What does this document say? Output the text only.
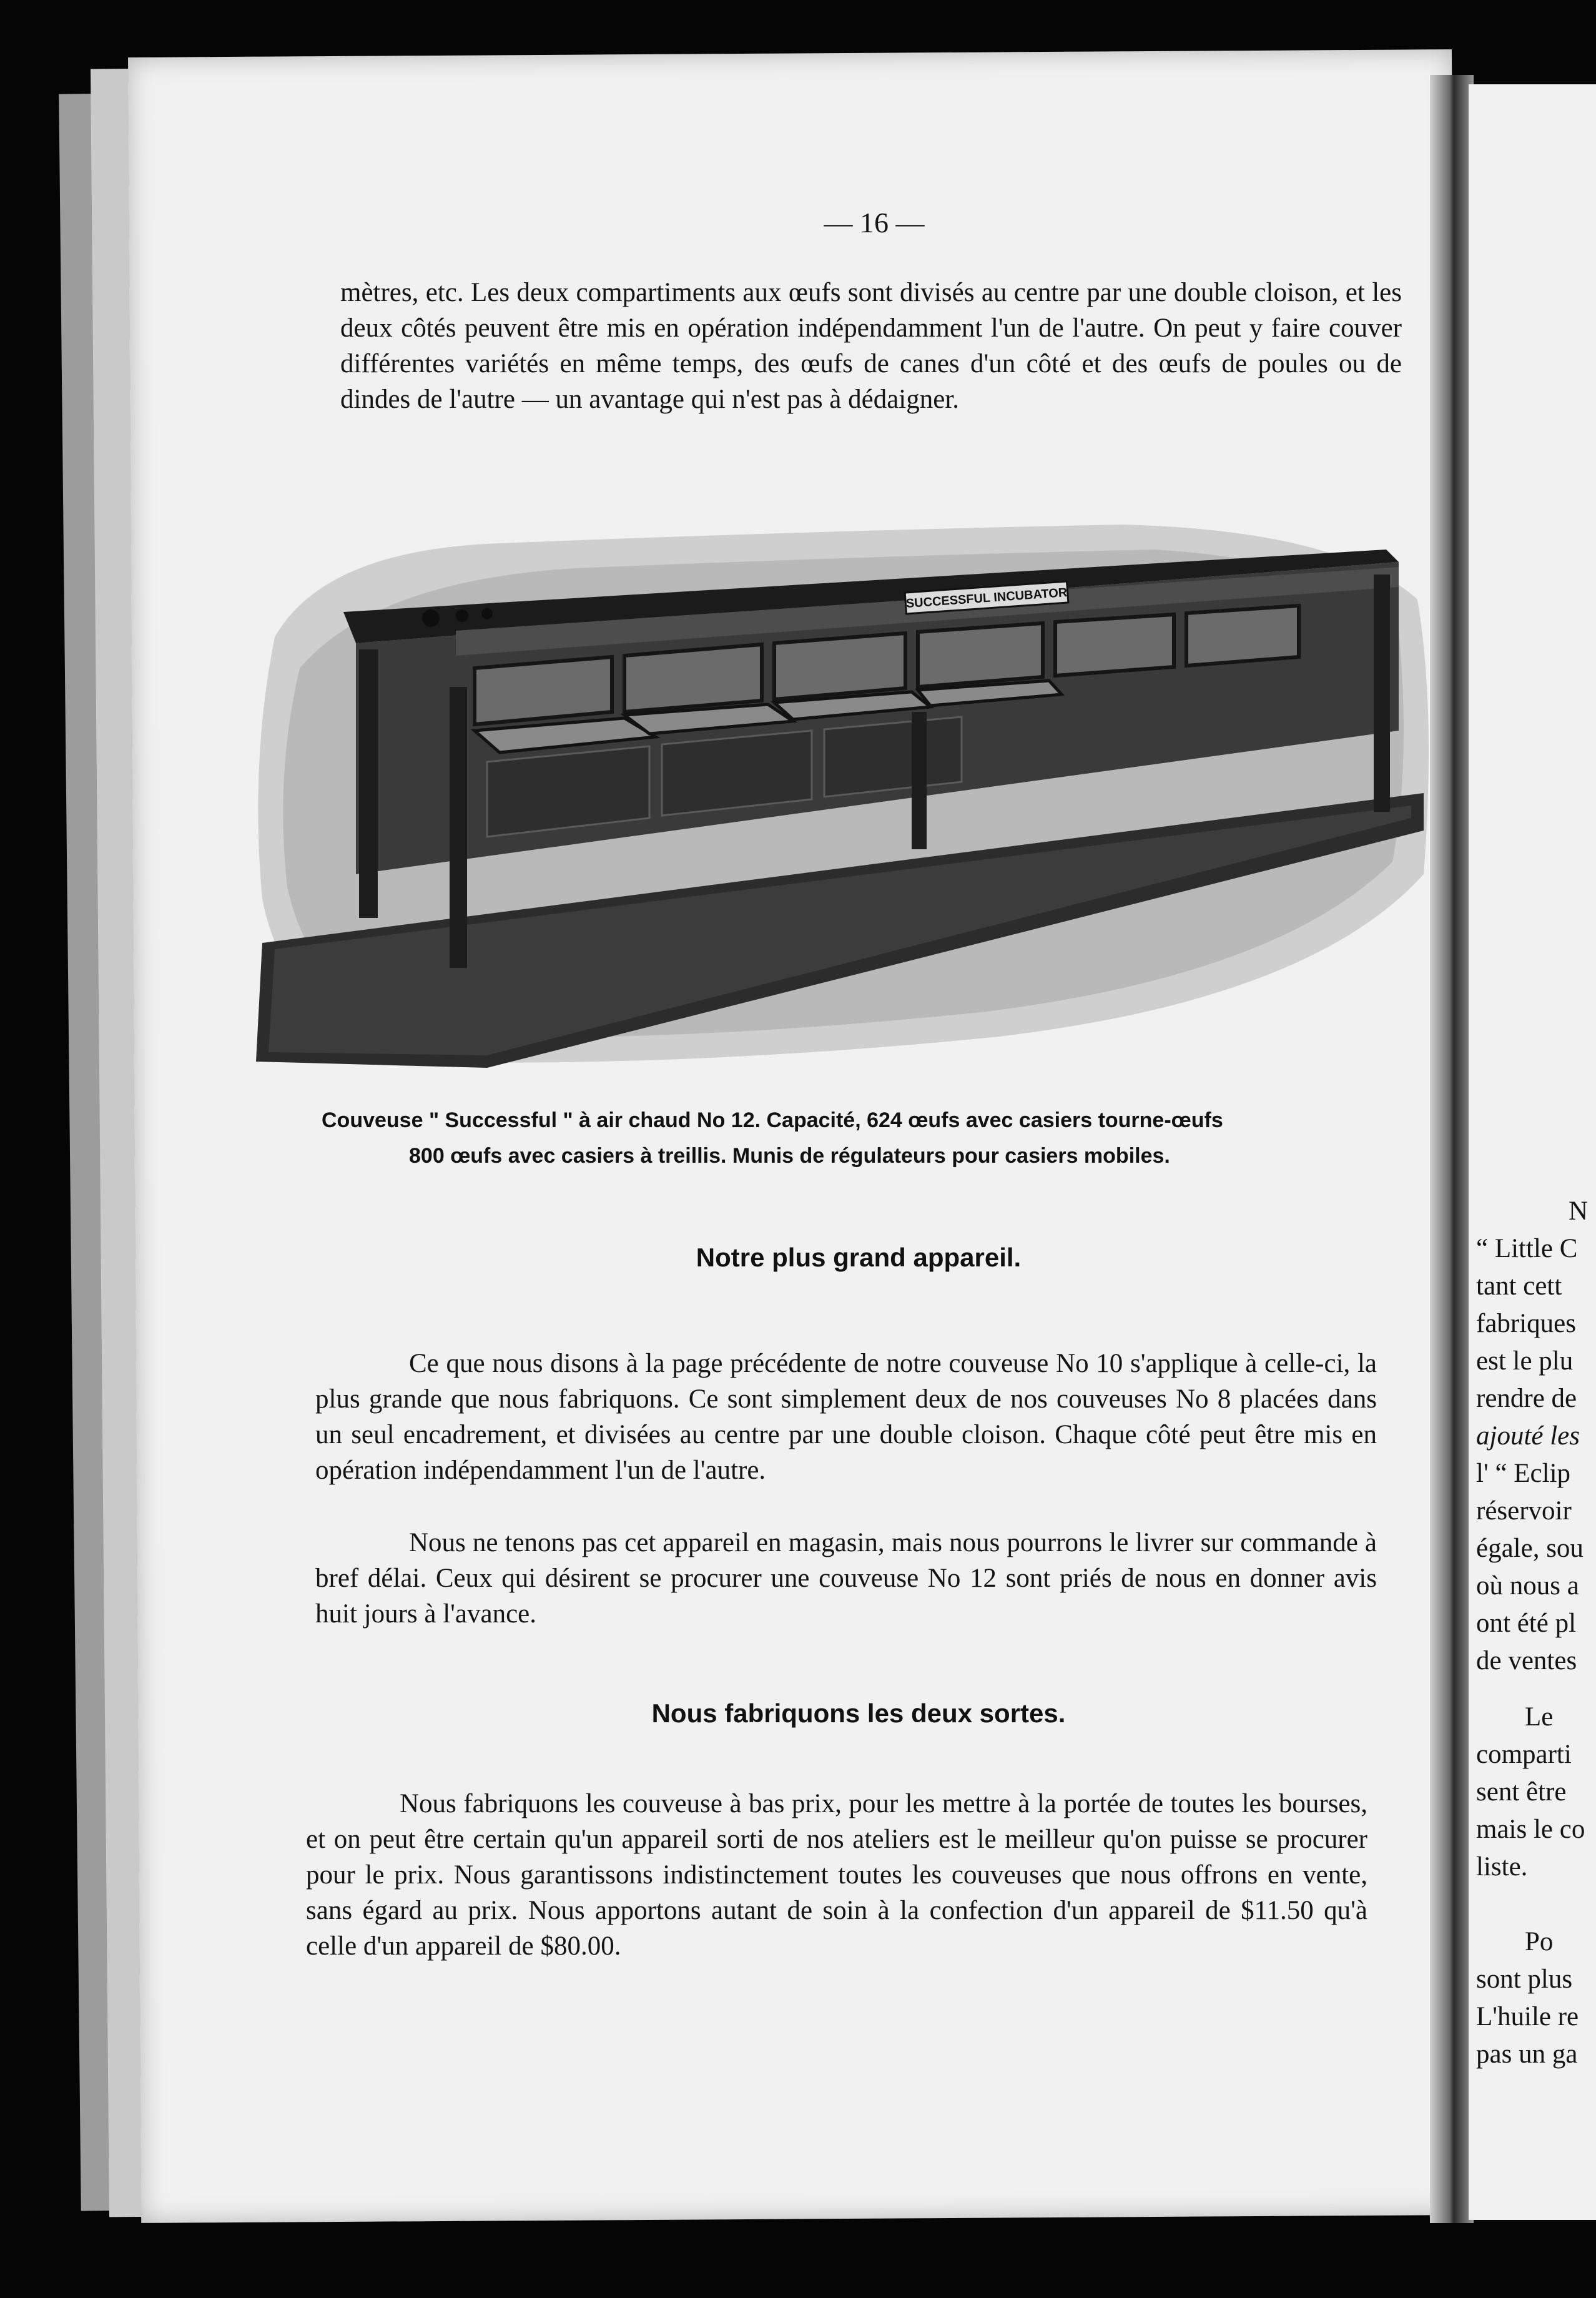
— 16 —

mètres, etc. Les deux compartiments aux œufs sont divisés au centre par une double cloison, et les deux côtés peuvent être mis en opération indépendamment l'un de l'autre. On peut y faire couver différentes variétés en même temps, des œufs de canes d'un côté et des œufs de poules ou de dindes de l'autre — un avantage qui n'est pas à dédaigner.

SUCCESSFUL INCUBATOR
Couveuse " Successful " à air chaud No 12. Capacité, 624 œufs avec casiers tourne-œufs
800 œufs avec casiers à treillis. Munis de régulateurs pour casiers mobiles.
Notre plus grand appareil.

Ce que nous disons à la page précédente de notre couveuse No 10 s'applique à celle-ci, la plus grande que nous fabriquons. Ce sont simplement deux de nos couveuses No 8 placées dans un seul encadrement, et divisées au centre par une double cloison. Chaque côté peut être mis en opération indépendamment l'un de l'autre.

Nous ne tenons pas cet appareil en magasin, mais nous pourrons le livrer sur commande à bref délai. Ceux qui désirent se procurer une couveuse No 12 sont priés de nous en donner avis huit jours à l'avance.

Nous fabriquons les deux sortes.

Nous fabriquons les couveuse à bas prix, pour les mettre à la portée de toutes les bourses, et on peut être certain qu'un appareil sorti de nos ateliers est le meilleur qu'on puisse se procurer pour le prix. Nous garantissons indistinctement toutes les couveuses que nous offrons en vente, sans égard au prix. Nous apportons autant de soin à la confection d'un appareil de $11.50 qu'à celle d'un appareil de $80.00.

N
“ Little C
tant cett
fabriques
est le plu
rendre de
ajouté les
l' “ Eclip
réservoir
égale, sou
où nous a
ont été pl
de ventes
Le
comparti
sent être
mais le co
liste.
Po
sont plus
L'huile re
pas un ga
